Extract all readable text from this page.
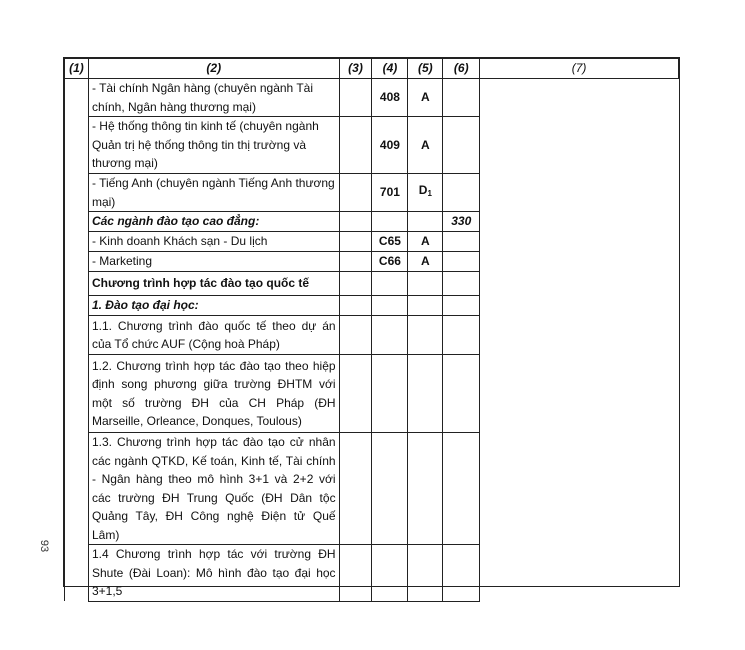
(1)	(2)	(3)	(4)	(5)	(6)	(7)
	- Tài chính Ngân hàng (chuyên ngành Tài chính, Ngân hàng thương mại)		408	A		
	- Hệ thống thông tin kinh tế (chuyên ngành Quản trị hệ thống thông tin thị trường và thương mại)		409	A		
	- Tiếng Anh (chuyên ngành Tiếng Anh thương mại)		701	$D_1$	
	Các ngành đào tạo cao đẳng:				330	
	- Kinh doanh Khách sạn - Du lịch		C65	A		
	- Marketing		C66	A		
	Chương trình hợp tác đào tạo quốc tế					
	1. Đào tạo đại học:					
	1.1. Chương trình đào quốc tế theo dự án của Tổ chức AUF (Cộng hoà Pháp)					
	1.2. Chương trình hợp tác đào tạo theo hiệp định song phương giữa trường ĐHTM với một số trường ĐH của CH Pháp (ĐH Marseille, Orleance, Donques, Toulous)					
	1.3. Chương trình hợp tác đào tạo cử nhân các ngành QTKD, Kế toán, Kinh tế, Tài chính - Ngân hàng theo mô hình 3+1 và 2+2 với các trường ĐH Trung Quốc (ĐH Dân tộc Quảng Tây, ĐH Công nghệ Điện tử Quế Lâm)					
	1.4 Chương trình hợp tác với trường ĐH Shute (Đài Loan): Mô hình đào tạo đại học 3+1,5					
93
